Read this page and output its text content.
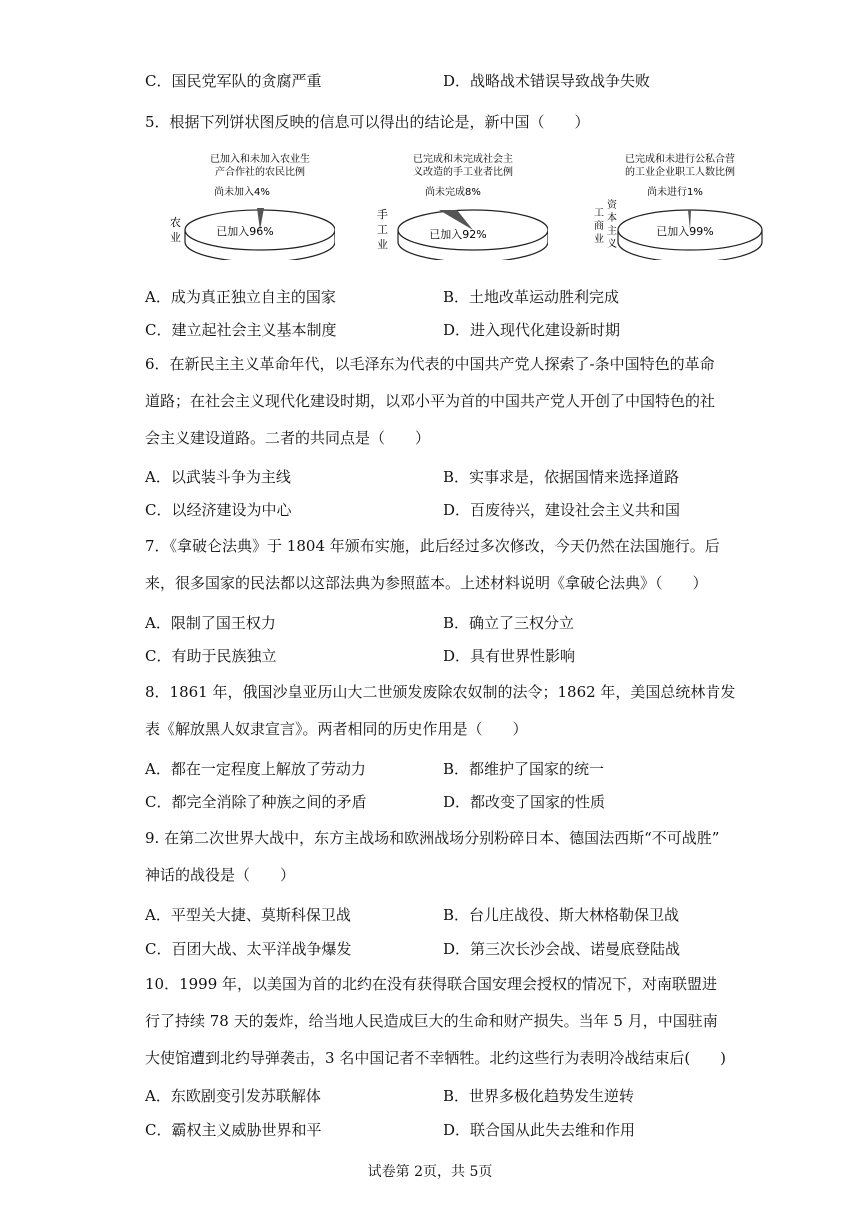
C．国民党军队的贪腐严重	D．战略战术错误导致战争失败
5．根据下列饼状图反映的信息可以得出的结论是，新中国（　　）
已加入和未加入农业生
产合作社的农民比例
尚未加入4%
已加入96%
农
业
已完成和未完成社会主
义改造的手工业者比例
尚未完成8%
已加入92%
手
工
业
已完成和未进行公私合营
的工业企业职工人数比例
尚未进行1%
已加入99%
工
商
业
资
本
主
义
A．成为真正独立自主的国家	B．土地改革运动胜利完成
C．建立起社会主义基本制度	D．进入现代化建设新时期
6．在新民主主义革命年代，以毛泽东为代表的中国共产党人探索了-条中国特色的革命
道路；在社会主义现代化建设时期，以邓小平为首的中国共产党人开创了中国特色的社
会主义建设道路。二者的共同点是（　　）
A．以武装斗争为主线	B．实事求是，依据国情来选择道路
C．以经济建设为中心	D．百废待兴，建设社会主义共和国
7．《拿破仑法典》于 1804 年颁布实施，此后经过多次修改，今天仍然在法国施行。后
来，很多国家的民法都以这部法典为参照蓝本。上述材料说明《拿破仑法典》（　　）
A．限制了国王权力	B．确立了三权分立
C．有助于民族独立	D．具有世界性影响
8．1861 年，俄国沙皇亚历山大二世颁发废除农奴制的法令；1862 年，美国总统林肯发
表《解放黑人奴隶宣言》。两者相同的历史作用是（　　）
A．都在一定程度上解放了劳动力	B．都维护了国家的统一
C．都完全消除了种族之间的矛盾	D．都改变了国家的性质
9. 在第二次世界大战中，东方主战场和欧洲战场分别粉碎日本、德国法西斯“不可战胜”
神话的战役是（　　）
A．平型关大捷、莫斯科保卫战	B．台儿庄战役、斯大林格勒保卫战
C．百团大战、太平洋战争爆发	D．第三次长沙会战、诺曼底登陆战
10．1999 年，以美国为首的北约在没有获得联合国安理会授权的情况下，对南联盟进
行了持续 78 天的轰炸，给当地人民造成巨大的生命和财产损失。当年 5 月，中国驻南
大使馆遭到北约导弹袭击，3 名中国记者不幸牺牲。北约这些行为表明冷战结束后(　　)
A．东欧剧变引发苏联解体	B．世界多极化趋势发生逆转
C．霸权主义威胁世界和平	D．联合国从此失去维和作用
试卷第 2页，共 5页
